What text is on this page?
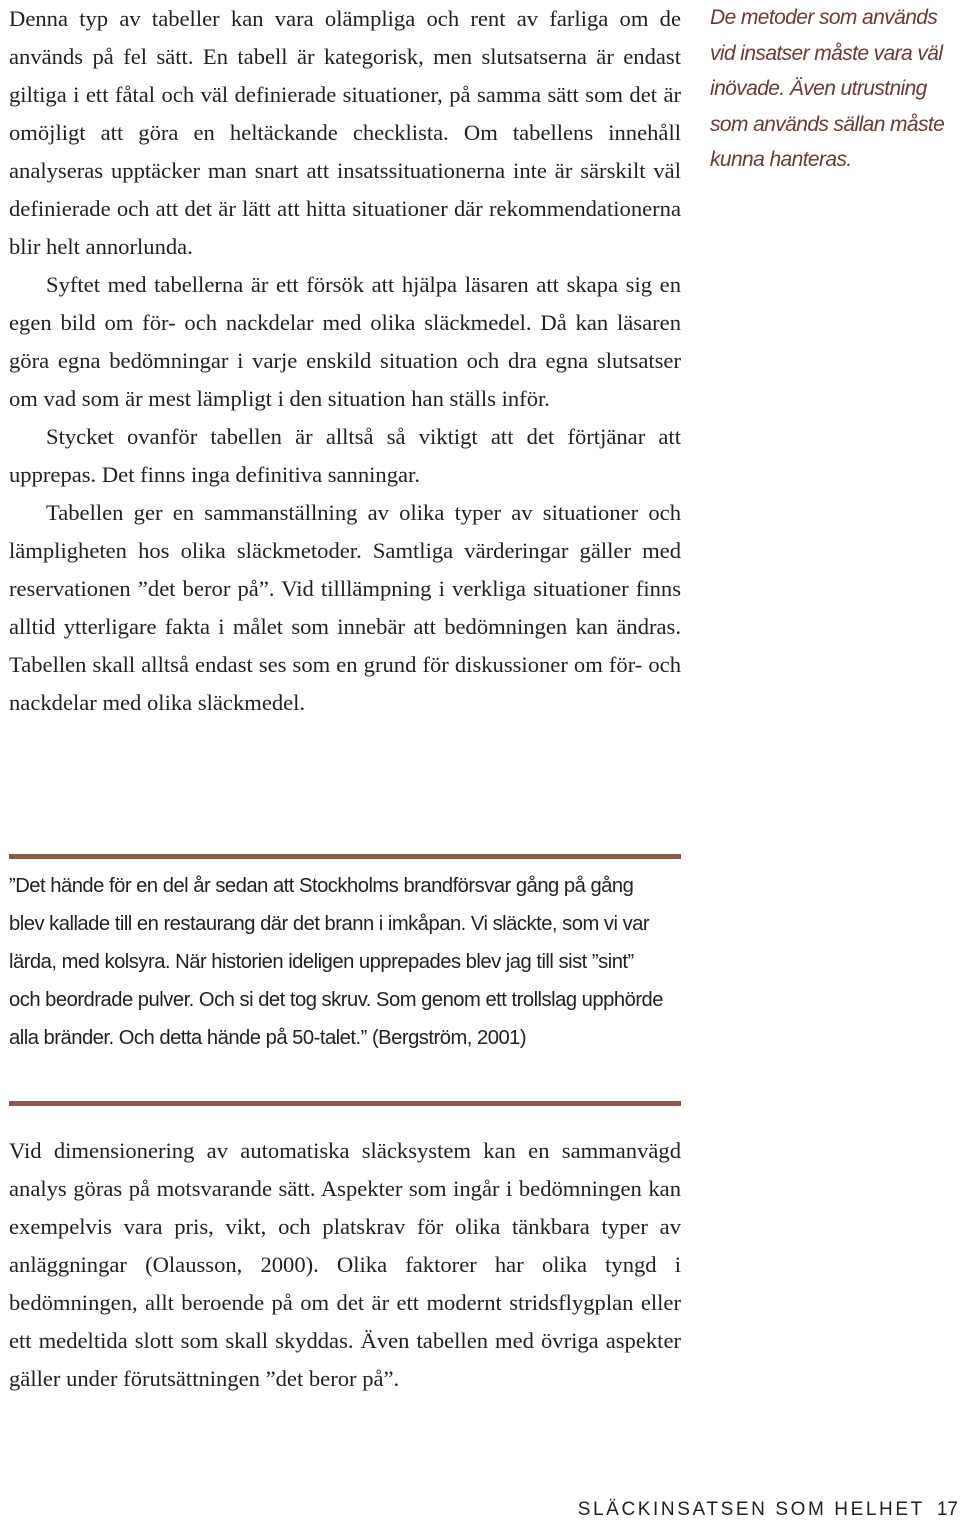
Denna typ av tabeller kan vara olämpliga och rent av farliga om de används på fel sätt. En tabell är kategorisk, men slutsatserna är endast giltiga i ett fåtal och väl definierade situationer, på samma sätt som det är omöjligt att göra en heltäckande checklista. Om tabellens innehåll analyseras upptäcker man snart att insatssituationerna inte är särskilt väl definierade och att det är lätt att hitta situationer där rekommendationerna blir helt annorlunda.

Syftet med tabellerna är ett försök att hjälpa läsaren att skapa sig en egen bild om för- och nackdelar med olika släckmedel. Då kan läsaren göra egna bedömningar i varje enskild situation och dra egna slutsatser om vad som är mest lämpligt i den situation han ställs inför.

Stycket ovanför tabellen är alltså så viktigt att det förtjänar att upprepas. Det finns inga definitiva sanningar.

Tabellen ger en sammanställning av olika typer av situationer och lämpligheten hos olika släckmetoder. Samtliga värderingar gäller med reservationen ”det beror på”. Vid tilllämpning i verkliga situationer finns alltid ytterligare fakta i målet som innebär att bedömningen kan ändras. Tabellen skall alltså endast ses som en grund för diskussioner om för- och nackdelar med olika släckmedel.

De metoder som används vid insatser måste vara väl inövade. Även utrustning som används sällan måste kunna hanteras.
”Det hände för en del år sedan att Stockholms brandförsvar gång på gång blev kallade till en restaurang där det brann i imkåpan. Vi släckte, som vi var lärda, med kolsyra. När historien ideligen upprepades blev jag till sist ”sint” och beordrade pulver. Och si det tog skruv. Som genom ett trollslag upphörde alla bränder. Och detta hände på 50-talet.” (Bergström, 2001)

Vid dimensionering av automatiska släcksystem kan en sammanvägd analys göras på motsvarande sätt. Aspekter som ingår i bedömningen kan exempelvis vara pris, vikt, och platskrav för olika tänkbara typer av anläggningar (Olausson, 2000). Olika faktorer har olika tyngd i bedömningen, allt beroende på om det är ett modernt stridsflygplan eller ett medeltida slott som skall skyddas. Även tabellen med övriga aspekter gäller under förutsättningen ”det beror på”.

SLÄCKINSATSEN SOM HELHET 17
